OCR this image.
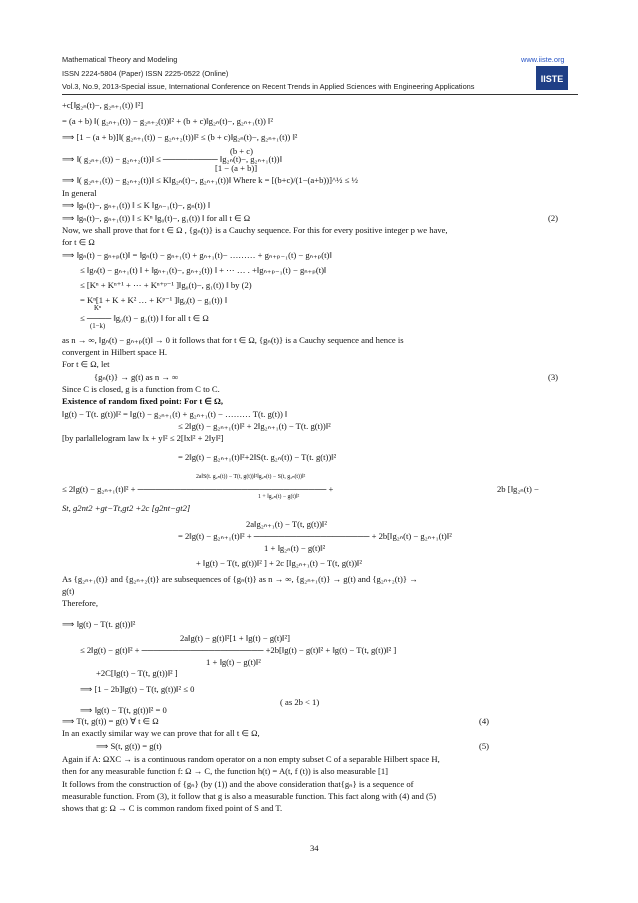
Mathematical Theory and Modeling	www.iiste.org
ISSN 2224-5804 (Paper) ISSN 2225-0522 (Online)
Vol.3, No.9, 2013-Special issue, International Conference on Recent Trends in Applied Sciences with Engineering Applications
IISTE
+c[‖g₂ₙ(t)−, g₂ₙ₊₁(t)) ‖²]
= (a + b) ‖( g₂ₙ₊₁(t)) − g₂ₙ₊₂(t))‖² + (b + c)‖g₂ₙ(t)−, g₂ₙ₊₁(t)) ‖²
⟹ [1 − (a + b)]‖( g₂ₙ₊₁(t)) − g₂ₙ₊₂(t))‖² ≤ (b + c)‖g₂ₙ(t)−, g₂ₙ₊₁(t)) ‖²
(b + c)
⟹ ‖( g₂ₙ₊₁(t)) − g₂ₙ₊₂(t))‖ ≤ ───────── ‖g₂ₙ(t)−, g₂ₙ₊₁(t))‖
[1 − (a + b)]
⟹ ‖( g₂ₙ₊₁(t)) − g₂ₙ₊₂(t))‖ ≤ K‖g₂ₙ(t)−, g₂ₙ₊₁(t))‖ Where k = [(b+c)/(1−(a+b))]^½ ≤ ½
In general
⟹ ‖gₙ(t)−, gₙ₊₁(t)) ‖ ≤ K ‖gₙ₋₁(t)−, gₙ(t)) ‖
⟹ ‖gₙ(t)−, gₙ₊₁(t)) ‖ ≤ Kⁿ ‖g₀(t)−, g₁(t)) ‖ for all t ∈ Ω	(2)
Now, we shall prove that for t ∈ Ω , {gₙ(t)} is a Cauchy sequence. For this for every positive integer p we have,
for t ∈ Ω
⟹ ‖gₙ(t) − gₙ₊ₚ(t)‖ = ‖gₙ(t) − gₙ₊₁(t) + gₙ₊₁(t)− ……… + gₙ₊ₚ₋₁(t) − gₙ₊ₚ(t)‖
≤ ‖gₙ(t) − gₙ₊₁(t) ‖ + ‖gₙ₊₁(t)−, gₙ₊₂(t)) ‖ + ⋯ … . +‖gₙ₊ₚ₋₁(t) − gₙ₊ₚ(t)‖
≤ [Kⁿ + Kⁿ⁺¹ + ⋯ + Kⁿ⁺ᵖ⁻¹ ]‖g₀(t)−, g₁(t)) ‖ by (2)
= Kⁿ[1 + K + K² … + Kᵖ⁻¹ ]‖g₀(t) − g₁(t)) ‖
Kⁿ
≤ ──── ‖g₀(t) − g₁(t)) ‖ for all t ∈ Ω
(1−k)
as n → ∞, ‖gₙ(t) − gₙ₊ₚ(t)‖ → 0 it follows that for t ∈ Ω, {gₙ(t)} is a Cauchy sequence and hence is
convergent in Hilbert space H.
For t ∈ Ω, let
{gₙ(t)} → g(t) as n → ∞	(3)
Since C is closed, g is a function from C to C.
Existence of random fixed point: For t ∈ Ω,
‖g(t) − T(t. g(t))‖² = ‖g(t) − g₂ₙ₊₁(t) + g₂ₙ₊₁(t) − ……… T(t. g(t)) ‖
≤ 2‖g(t) − g₂ₙ₊₁(t)‖² + 2‖g₂ₙ₊₁(t) − T(t. g(t))‖²
[by parlallelogram law ‖x + y‖² ≤ 2[‖x‖² + 2‖y‖²]
= 2‖g(t) − g₂ₙ₊₁(t)‖²+2‖S(t. g₂ₙ(t)) − T(t. g(t))‖²
2a‖S(t. g₂ₙ(t)) − T(t, g(t))‖²‖g₂ₙ(t) − S(t, g₂ₙ(t))‖²
≤ 2‖g(t) − g₂ₙ₊₁(t)‖² + ─────────────────────────────── +
1 + ‖g₂ₙ(t) − g(t)‖²
2b [‖g₂ₙ(t) −
St, g2nt2 +gt−Tt,gt2 +2c [g2nt−gt2]
2a‖g₂ₙ₊₁(t) − T(t, g(t))‖²
= 2‖g(t) − g₂ₙ₊₁(t)‖² + ─────────────────── + 2b[‖g₂ₙ(t) − g₂ₙ₊₁(t)‖²
1 + ‖g₂ₙ(t) − g(t)‖²
+ ‖g(t) − T(t, g(t))‖² ] + 2c [‖g₂ₙ₊₁(t) − T(t, g(t))‖²
As {g₂ₙ₊₁(t)} and {g₂ₙ₊₂(t)} are subsequences of {gₙ(t)} as n → ∞, {g₂ₙ₊₁(t)} → g(t) and {g₂ₙ₊₂(t)} →
g(t)
Therefore,
⟹ ‖g(t) − T(t. g(t))‖²
2a‖g(t) − g(t)‖²[1 + ‖g(t) − g(t)‖²]
≤ 2‖g(t) − g(t)‖² + ──────────────────── +2b[‖g(t) − g(t)‖² + ‖g(t) − T(t, g(t))‖² ]
1 + ‖g(t) − g(t)‖²
+2C[‖g(t) − T(t, g(t))‖² ]
⟹ [1 − 2b]‖g(t) − T(t, g(t))‖² ≤ 0
( as 2b < 1)
⟹ ‖g(t) − T(t, g(t))‖² = 0
⟹ T(t, g(t)) = g(t) ∀ t ∈ Ω	(4)
In an exactly similar way we can prove that for all t ∈ Ω,
⟹ S(t, g(t)) = g(t)	(5)
Again if A: ΩXC → is a continuous random operator on a non empty subset C of a separable Hilbert space H,
then for any measurable function f: Ω → C, the function h(t) = A(t, f (t)) is also measurable [1]
It follows from the construction of {gₙ} (by (1)) and the above consideration that{gₙ} is a sequence of
measurable function. From (3), it follow that g is also a measurable function. This fact along with (4) and (5)
shows that g: Ω → C is common random fixed point of S and T.
34
